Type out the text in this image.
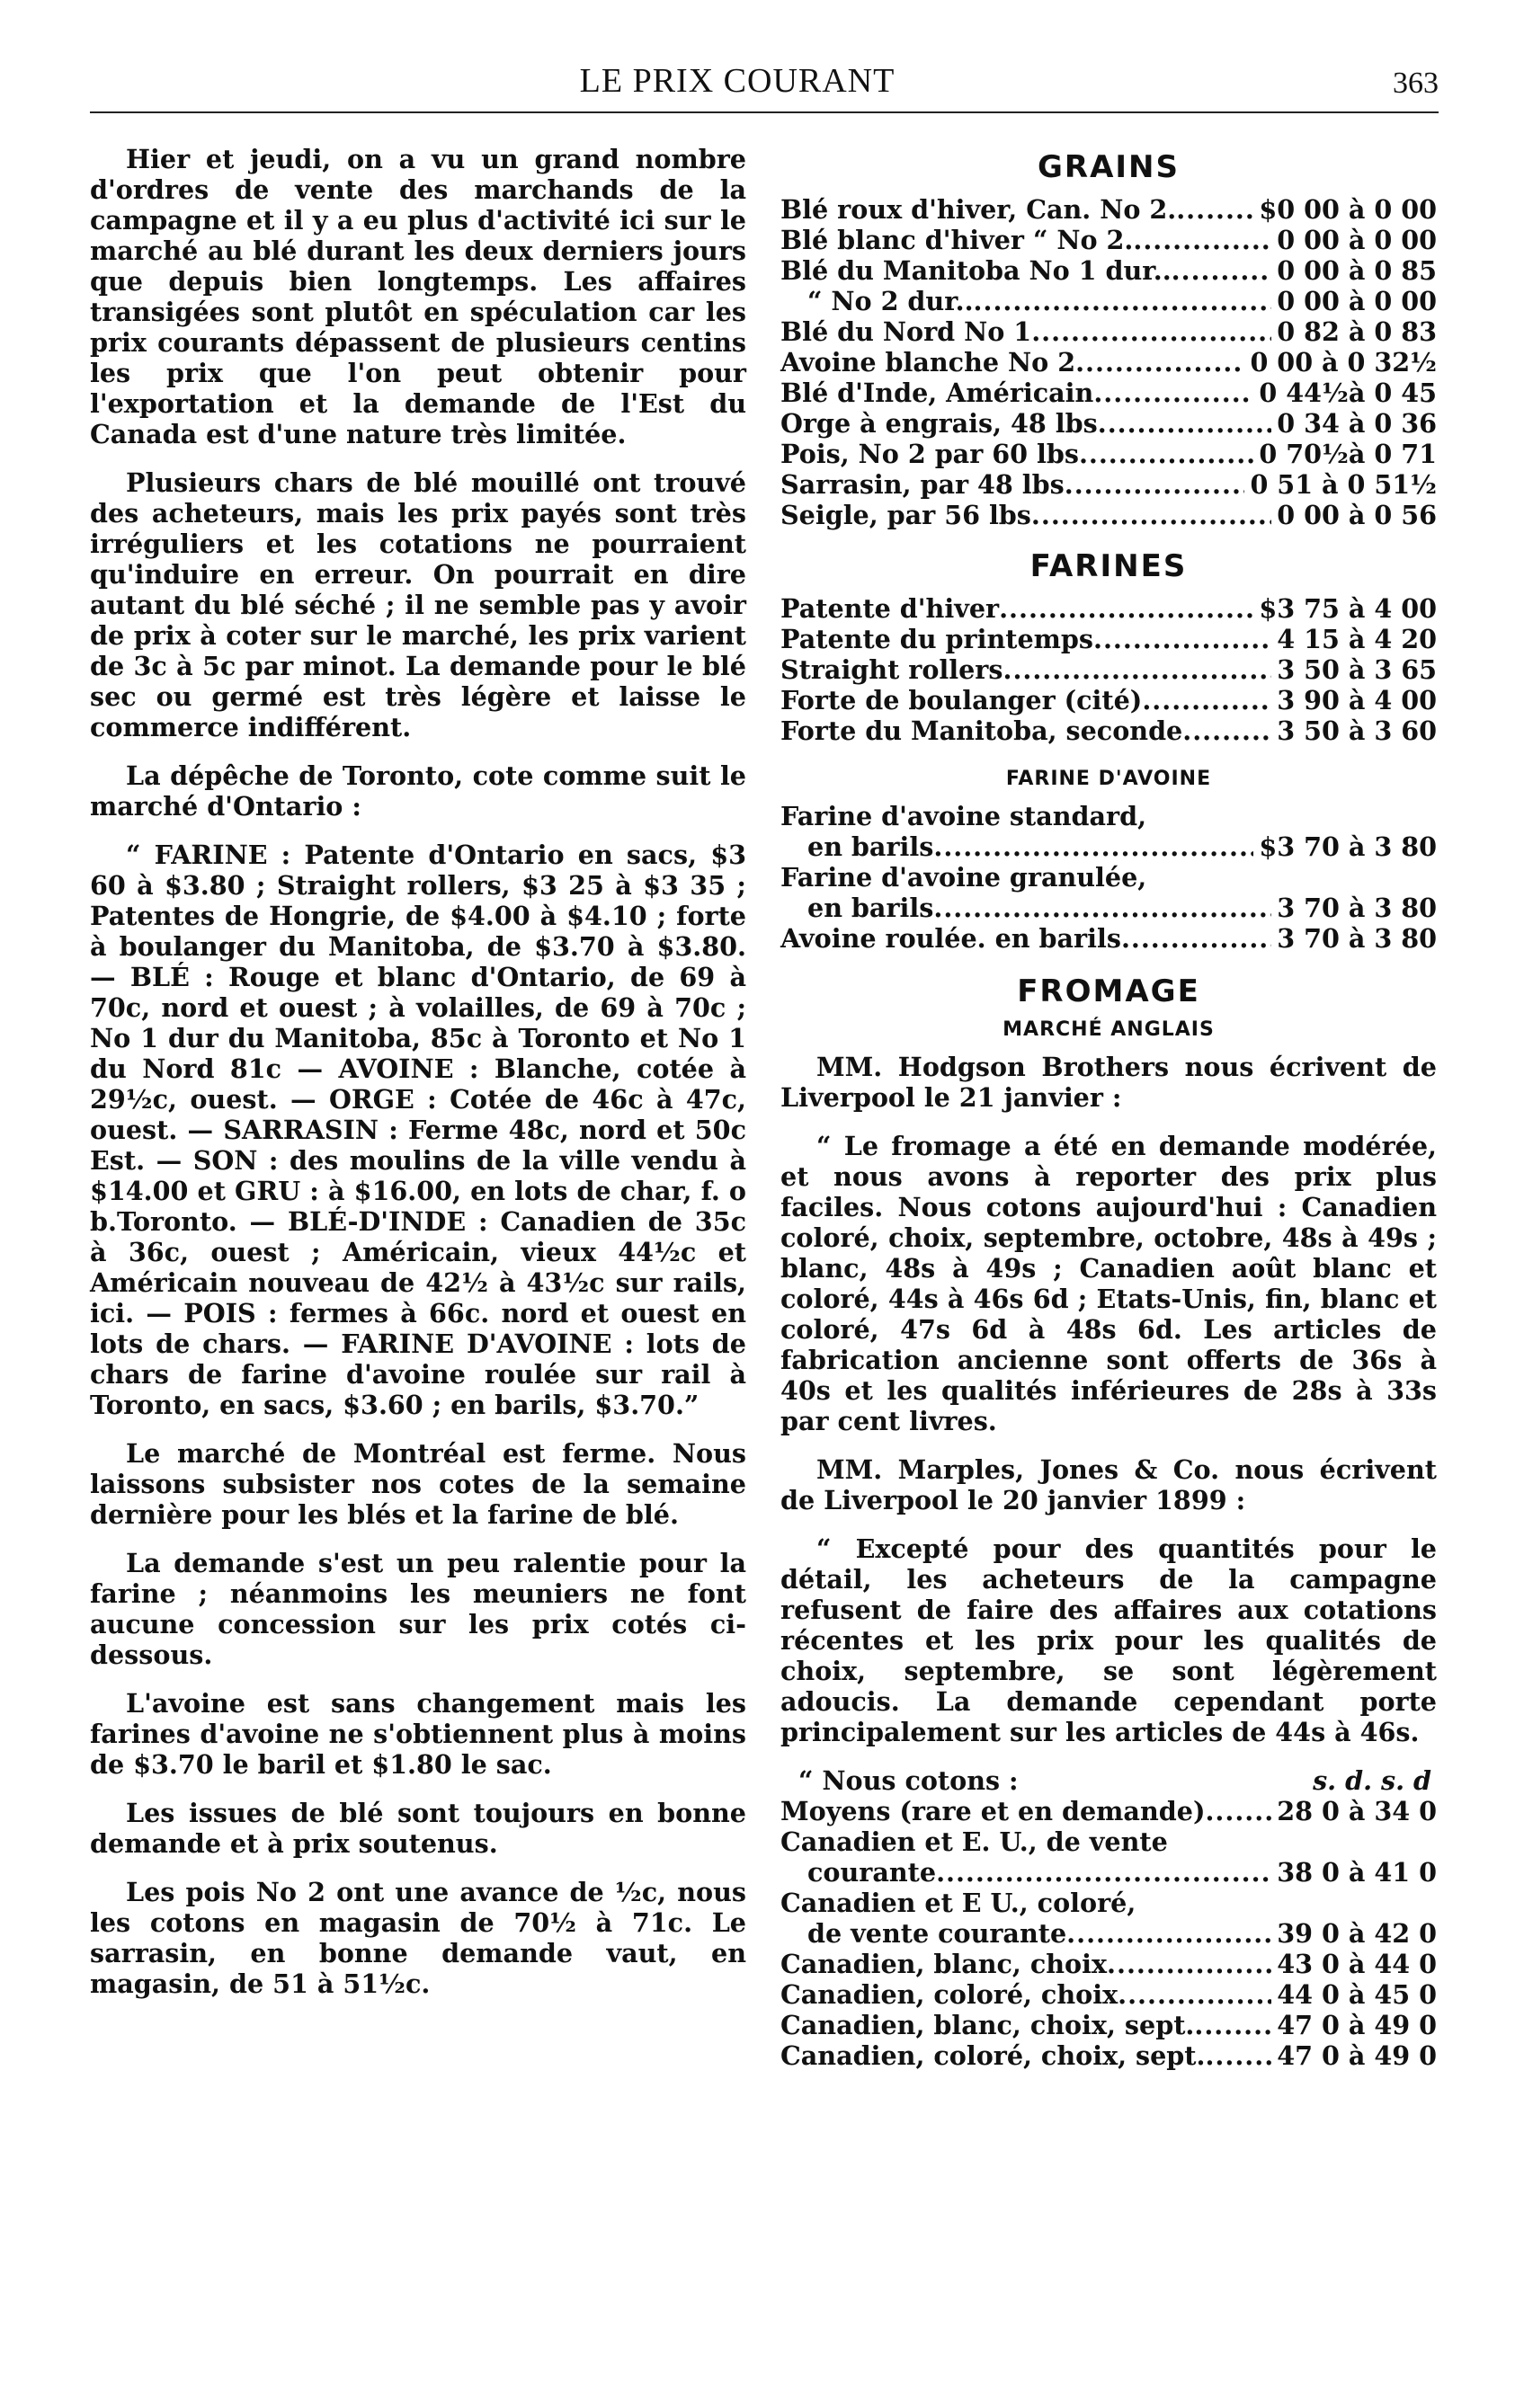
LE PRIX COURANT	363

Hier et jeudi, on a vu un grand nombre d'ordres de vente des marchands de la campagne et il y a eu plus d'activité ici sur le marché au blé durant les deux derniers jours que depuis bien longtemps. Les affaires transigées sont plutôt en spéculation car les prix courants dépassent de plusieurs centins les prix que l'on peut obtenir pour l'exportation et la demande de l'Est du Canada est d'une nature très limitée.

Plusieurs chars de blé mouillé ont trouvé des acheteurs, mais les prix payés sont très irréguliers et les cotations ne pourraient qu'induire en erreur. On pourrait en dire autant du blé séché ; il ne semble pas y avoir de prix à coter sur le marché, les prix varient de 3c à 5c par minot. La demande pour le blé sec ou germé est très légère et laisse le commerce indifférent.

La dépêche de Toronto, cote comme suit le marché d'Ontario :

“ FARINE : Patente d'Ontario en sacs, $3 60 à $3.80 ; Straight rollers, $3 25 à $3 35 ; Patentes de Hongrie, de $4.00 à $4.10 ; forte à boulanger du Manitoba, de $3.70 à $3.80. — BLÉ : Rouge et blanc d'Ontario, de 69 à 70c, nord et ouest ; à volailles, de 69 à 70c ; No 1 dur du Manitoba, 85c à Toronto et No 1 du Nord 81c — AVOINE : Blanche, cotée à 29½c, ouest. — ORGE : Cotée de 46c à 47c, ouest. — SARRASIN : Ferme 48c, nord et 50c Est. — SON : des moulins de la ville vendu à $14.00 et GRU : à $16.00, en lots de char, f. o b.Toronto. — BLÉ-D'INDE : Canadien de 35c à 36c, ouest ; Américain, vieux 44½c et Américain nouveau de 42½ à 43½c sur rails, ici. — POIS : fermes à 66c. nord et ouest en lots de chars. — FARINE D'AVOINE : lots de chars de farine d'avoine roulée sur rail à Toronto, en sacs, $3.60 ; en barils, $3.70.”

Le marché de Montréal est ferme. Nous laissons subsister nos cotes de la semaine dernière pour les blés et la farine de blé.

La demande s'est un peu ralentie pour la farine ; néanmoins les meuniers ne font aucune concession sur les prix cotés ci-dessous.

L'avoine est sans changement mais les farines d'avoine ne s'obtiennent plus à moins de $3.70 le baril et $1.80 le sac.

Les issues de blé sont toujours en bonne demande et à prix soutenus.

Les pois No 2 ont une avance de ½c, nous les cotons en magasin de 70½ à 71c. Le sarrasin, en bonne demande vaut, en magasin, de 51 à 51½c.

GRAINS
Blé roux d'hiver, Can. No 2. .....	$0 00 à 0 00
Blé blanc d'hiver “ No 2. .....	0 00 à 0 00
Blé du Manitoba No 1 dur.. .....	0 00 à 0 85
“ No 2 dur.. .....	0 00 à 0 00
Blé du Nord No 1 .....	0 82 à 0 83
Avoine blanche No 2 .....	0 00 à 0 32½
Blé d'Inde, Américain .....	0 44½à 0 45
Orge à engrais, 48 lbs .....	0 34 à 0 36
Pois, No 2 par 60 lbs .....	0 70½à 0 71
Sarrasin, par 48 lbs .....	0 51 à 0 51½
Seigle, par 56 lbs .....	0 00 à 0 56
FARINES
Patente d'hiver .....	$3 75 à 4 00
Patente du printemps .....	4 15 à 4 20
Straight rollers .....	3 50 à 3 65
Forte de boulanger (cité) .....	3 90 à 4 00
Forte du Manitoba, seconde .....	3 50 à 3 60
FARINE D'AVOINE
Farine d'avoine standard,
en barils .....	$3 70 à 3 80
Farine d'avoine granulée,
en barils .....	3 70 à 3 80
Avoine roulée. en barils .....	3 70 à 3 80
FROMAGE
MARCHÉ ANGLAIS

MM. Hodgson Brothers nous écrivent de Liverpool le 21 janvier :

“ Le fromage a été en demande modérée, et nous avons à reporter des prix plus faciles. Nous cotons aujourd'hui : Canadien coloré, choix, septembre, octobre, 48s à 49s ; blanc, 48s à 49s ; Canadien août blanc et coloré, 44s à 46s 6d ; Etats-Unis, fin, blanc et coloré, 47s 6d à 48s 6d. Les articles de fabrication ancienne sont offerts de 36s à 40s et les qualités inférieures de 28s à 33s par cent livres.

MM. Marples, Jones & Co. nous écrivent de Liverpool le 20 janvier 1899 :

“ Excepté pour des quantités pour le détail, les acheteurs de la campagne refusent de faire des affaires aux cotations récentes et les prix pour les qualités de choix, septembre, se sont légèrement adoucis. La demande cependant porte principalement sur les articles de 44s à 46s.

“ Nous cotons :	s. d. s. d
Moyens (rare et en demande) .....	28 0 à 34 0
Canadien et E. U., de vente
courante .....	38 0 à 41 0
Canadien et E U., coloré,
de vente courante .....	39 0 à 42 0
Canadien, blanc, choix .....	43 0 à 44 0
Canadien, coloré, choix .....	44 0 à 45 0
Canadien, blanc, choix, sept. .....	47 0 à 49 0
Canadien, coloré, choix, sept. .....	47 0 à 49 0
